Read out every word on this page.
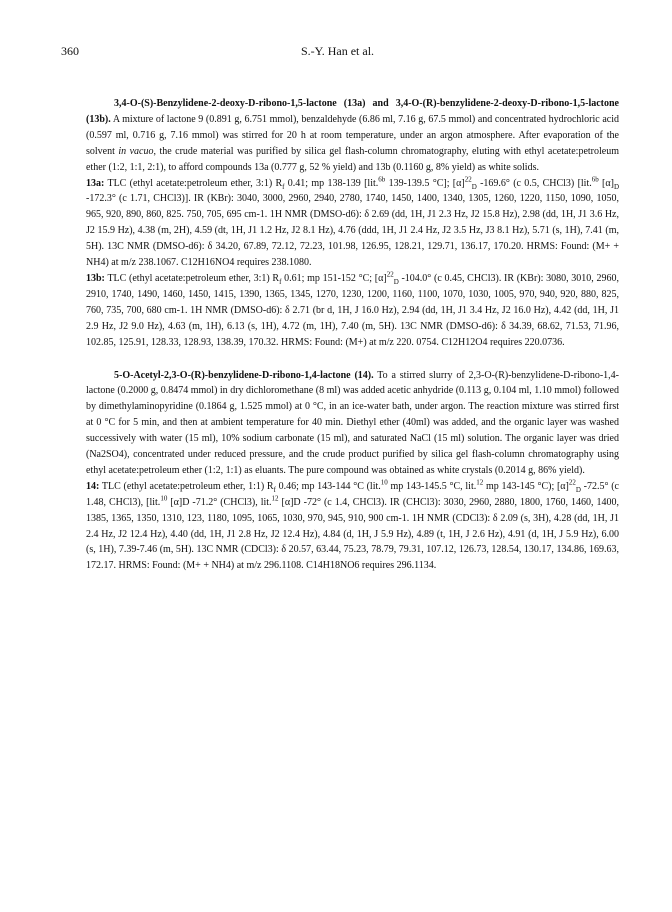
360	S.-Y. Han et al.

3,4-O-(S)-Benzylidene-2-deoxy-D-ribono-1,5-lactone (13a) and 3,4-O-(R)-benzylidene-2-deoxy-D-ribono-1,5-lactone (13b). A mixture of lactone 9 (0.891 g, 6.751 mmol), benzaldehyde (6.86 ml, 7.16 g, 67.5 mmol) and concentrated hydrochloric acid (0.597 ml, 0.716 g, 7.16 mmol) was stirred for 20 h at room temperature, under an argon atmosphere. After evaporation of the solvent in vacuo, the crude material was purified by silica gel flash-column chromatography, eluting with ethyl acetate:petroleum ether (1:2, 1:1, 2:1), to afford compounds 13a (0.777 g, 52 % yield) and 13b (0.1160 g, 8% yield) as white solids.

13a: TLC (ethyl acetate:petroleum ether, 3:1) $R_f$ 0.41; mp 138-139 [lit.$^{6b}$ 139-139.5 °C]; $[\alpha]^{22}_D$ -169.6° (c 0.5, CHCl3) [lit.$^{6b}$ $[\alpha]_D$ -172.3° (c 1.71, CHCl3)]. IR (KBr): 3040, 3000, 2960, 2940, 2780, 1740, 1450, 1400, 1340, 1305, 1260, 1220, 1150, 1090, 1050, 965, 920, 890, 860, 825. 750, 705, 695 cm-1. 1H NMR (DMSO-d6): δ 2.69 (dd, 1H, J1 2.3 Hz, J2 15.8 Hz), 2.98 (dd, 1H, J1 3.6 Hz, J2 15.9 Hz), 4.38 (m, 2H), 4.59 (dt, 1H, J1 1.2 Hz, J2 8.1 Hz), 4.76 (ddd, 1H, J1 2.4 Hz, J2 3.5 Hz, J3 8.1 Hz), 5.71 (s, 1H), 7.41 (m, 5H). 13C NMR (DMSO-d6): δ 34.20, 67.89, 72.12, 72.23, 101.98, 126.95, 128.21, 129.71, 136.17, 170.20. HRMS: Found: (M+ + NH4) at m/z 238.1067. C12H16NO4 requires 238.1080.

13b: TLC (ethyl acetate:petroleum ether, 3:1) $R_f$ 0.61; mp 151-152 °C; $[\alpha]^{22}_D$ -104.0° (c 0.45, CHCl3). IR (KBr): 3080, 3010, 2960, 2910, 1740, 1490, 1460, 1450, 1415, 1390, 1365, 1345, 1270, 1230, 1200, 1160, 1100, 1070, 1030, 1005, 970, 940, 920, 880, 825, 760, 735, 700, 680 cm-1. 1H NMR (DMSO-d6): δ 2.71 (br d, 1H, J 16.0 Hz), 2.94 (dd, 1H, J1 3.4 Hz, J2 16.0 Hz), 4.42 (dd, 1H, J1 2.9 Hz, J2 9.0 Hz), 4.63 (m, 1H), 6.13 (s, 1H), 4.72 (m, 1H), 7.40 (m, 5H). 13C NMR (DMSO-d6): δ 34.39, 68.62, 71.53, 71.96, 102.85, 125.91, 128.33, 128.93, 138.39, 170.32. HRMS: Found: (M+) at m/z 220. 0754. C12H12O4 requires 220.0736.

5-O-Acetyl-2,3-O-(R)-benzylidene-D-ribono-1,4-lactone (14). To a stirred slurry of 2,3-O-(R)-benzylidene-D-ribono-1,4-lactone (0.2000 g, 0.8474 mmol) in dry dichloromethane (8 ml) was added acetic anhydride (0.113 g, 0.104 ml, 1.10 mmol) followed by dimethylaminopyridine (0.1864 g, 1.525 mmol) at 0 °C, in an ice-water bath, under argon. The reaction mixture was stirred first at 0 °C for 5 min, and then at ambient temperature for 40 min. Diethyl ether (40ml) was added, and the organic layer was washed successively with water (15 ml), 10% sodium carbonate (15 ml), and saturated NaCl (15 ml) solution. The organic layer was dried (Na2SO4), concentrated under reduced pressure, and the crude product purified by silica gel flash-column chromatography using ethyl acetate:petroleum ether (1:2, 1:1) as eluants. The pure compound was obtained as white crystals (0.2014 g, 86% yield).

14: TLC (ethyl acetate:petroleum ether, 1:1) $R_f$ 0.46; mp 143-144 °C (lit.$^{10}$ mp 143-145.5 °C, lit.$^{12}$ mp 143-145 °C); $[\alpha]^{22}_D$ -72.5° (c 1.48, CHCl3), [lit.$^{10}$ [α]D -71.2° (CHCl3), lit.$^{12}$ [α]D -72° (c 1.4, CHCl3). IR (CHCl3): 3030, 2960, 2880, 1800, 1760, 1460, 1400, 1385, 1365, 1350, 1310, 123, 1180, 1095, 1065, 1030, 970, 945, 910, 900 cm-1. 1H NMR (CDCl3): δ 2.09 (s, 3H), 4.28 (dd, 1H, J1 2.4 Hz, J2 12.4 Hz), 4.40 (dd, 1H, J1 2.8 Hz, J2 12.4 Hz), 4.84 (d, 1H, J 5.9 Hz), 4.89 (t, 1H, J 2.6 Hz), 4.91 (d, 1H, J 5.9 Hz), 6.00 (s, 1H), 7.39-7.46 (m, 5H). 13C NMR (CDCl3): δ 20.57, 63.44, 75.23, 78.79, 79.31, 107.12, 126.73, 128.54, 130.17, 134.86, 169.63, 172.17. HRMS: Found: (M+ + NH4) at m/z 296.1108. C14H18NO6 requires 296.1134.
